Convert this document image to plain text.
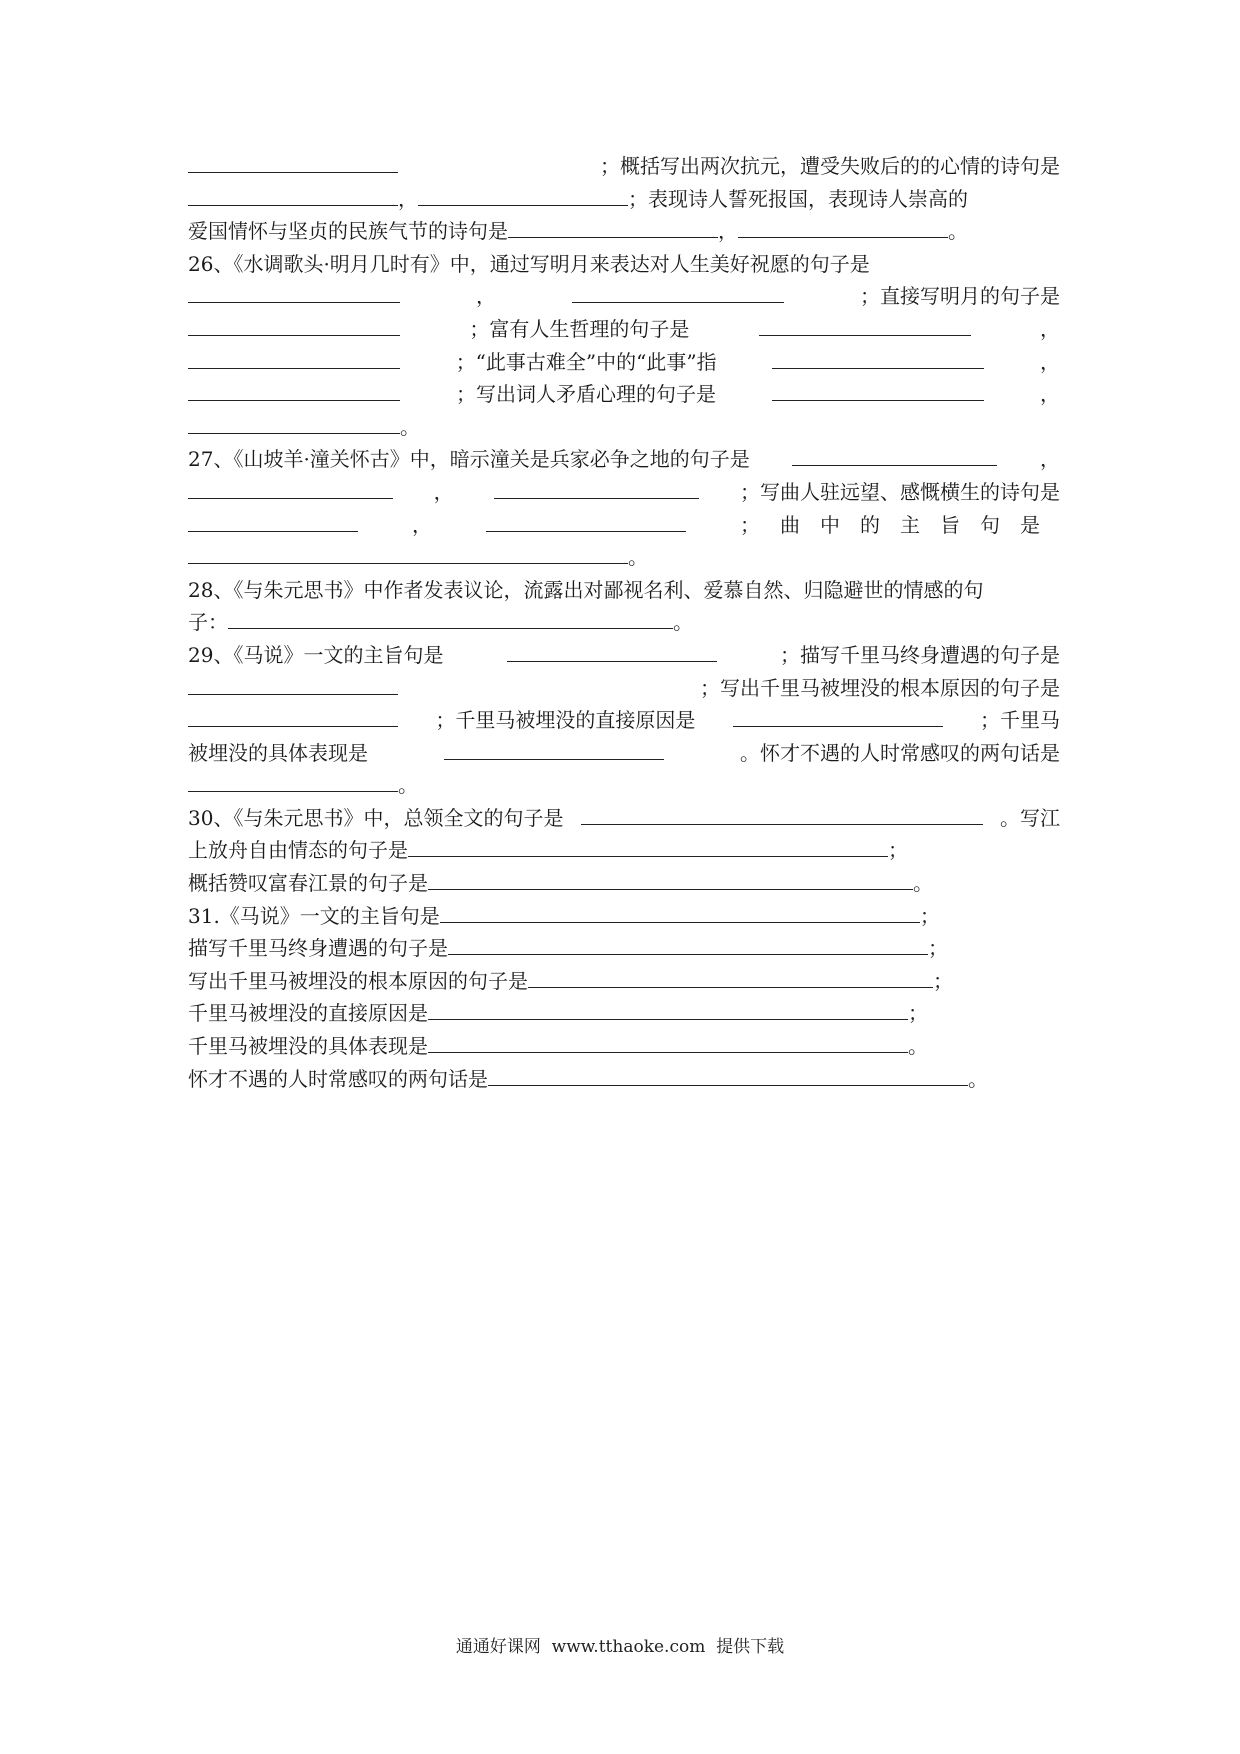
；概括写出两次抗元，遭受失败后的的心情的诗句是
，	；表现诗人誓死报国，表现诗人崇高的
爱国情怀与坚贞的民族气节的诗句是	，	。
26、《水调歌头·明月几时有》中，通过写明月来表达对人生美好祝愿的句子是
，	；直接写明月的句子是
；富有人生哲理的句子是	，
；“此事古难全”中的“此事”指	，
；写出词人矛盾心理的句子是	，
。
27、《山坡羊·潼关怀古》中，暗示潼关是兵家必争之地的句子是	，
，	；写曲人驻远望、感慨横生的诗句是
，	；曲中的主旨句是
。
28、《与朱元思书》中作者发表议论，流露出对鄙视名利、爱慕自然、归隐避世的情感的句
子：	。
29、《马说》一文的主旨句是	；描写千里马终身遭遇的句子是
；写出千里马被埋没的根本原因的句子是
；千里马被埋没的直接原因是	；千里马
被埋没的具体表现是	。怀才不遇的人时常感叹的两句话是
。
30、《与朱元思书》中，总领全文的句子是	。写江
上放舟自由情态的句子是	；
概括赞叹富春江景的句子是	。
31.《马说》一文的主旨句是	；
描写千里马终身遭遇的句子是	；
写出千里马被埋没的根本原因的句子是	；
千里马被埋没的直接原因是	；
千里马被埋没的具体表现是	。
怀才不遇的人时常感叹的两句话是	。
通通好课网  www.tthaoke.com  提供下载
